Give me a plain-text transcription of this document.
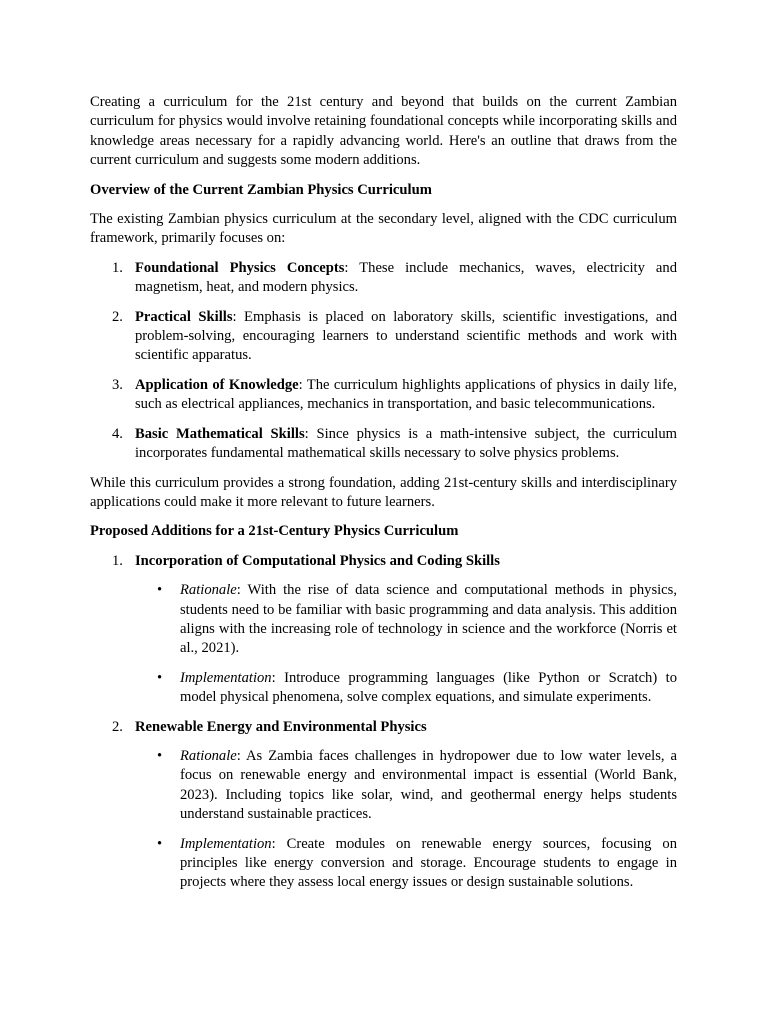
Creating a curriculum for the 21st century and beyond that builds on the current Zambian curriculum for physics would involve retaining foundational concepts while incorporating skills and knowledge areas necessary for a rapidly advancing world. Here's an outline that draws from the current curriculum and suggests some modern additions.

Overview of the Current Zambian Physics Curriculum

The existing Zambian physics curriculum at the secondary level, aligned with the CDC curriculum framework, primarily focuses on:

1. Foundational Physics Concepts: These include mechanics, waves, electricity and magnetism, heat, and modern physics.
2. Practical Skills: Emphasis is placed on laboratory skills, scientific investigations, and problem-solving, encouraging learners to understand scientific methods and work with scientific apparatus.
3. Application of Knowledge: The curriculum highlights applications of physics in daily life, such as electrical appliances, mechanics in transportation, and basic telecommunications.
4. Basic Mathematical Skills: Since physics is a math-intensive subject, the curriculum incorporates fundamental mathematical skills necessary to solve physics problems.

While this curriculum provides a strong foundation, adding 21st-century skills and interdisciplinary applications could make it more relevant to future learners.

Proposed Additions for a 21st-Century Physics Curriculum

1. Incorporation of Computational Physics and Coding Skills
• Rationale: With the rise of data science and computational methods in physics, students need to be familiar with basic programming and data analysis. This addition aligns with the increasing role of technology in science and the workforce (Norris et al., 2021).
• Implementation: Introduce programming languages (like Python or Scratch) to model physical phenomena, solve complex equations, and simulate experiments.
2. Renewable Energy and Environmental Physics
• Rationale: As Zambia faces challenges in hydropower due to low water levels, a focus on renewable energy and environmental impact is essential (World Bank, 2023). Including topics like solar, wind, and geothermal energy helps students understand sustainable practices.
• Implementation: Create modules on renewable energy sources, focusing on principles like energy conversion and storage. Encourage students to engage in projects where they assess local energy issues or design sustainable solutions.
